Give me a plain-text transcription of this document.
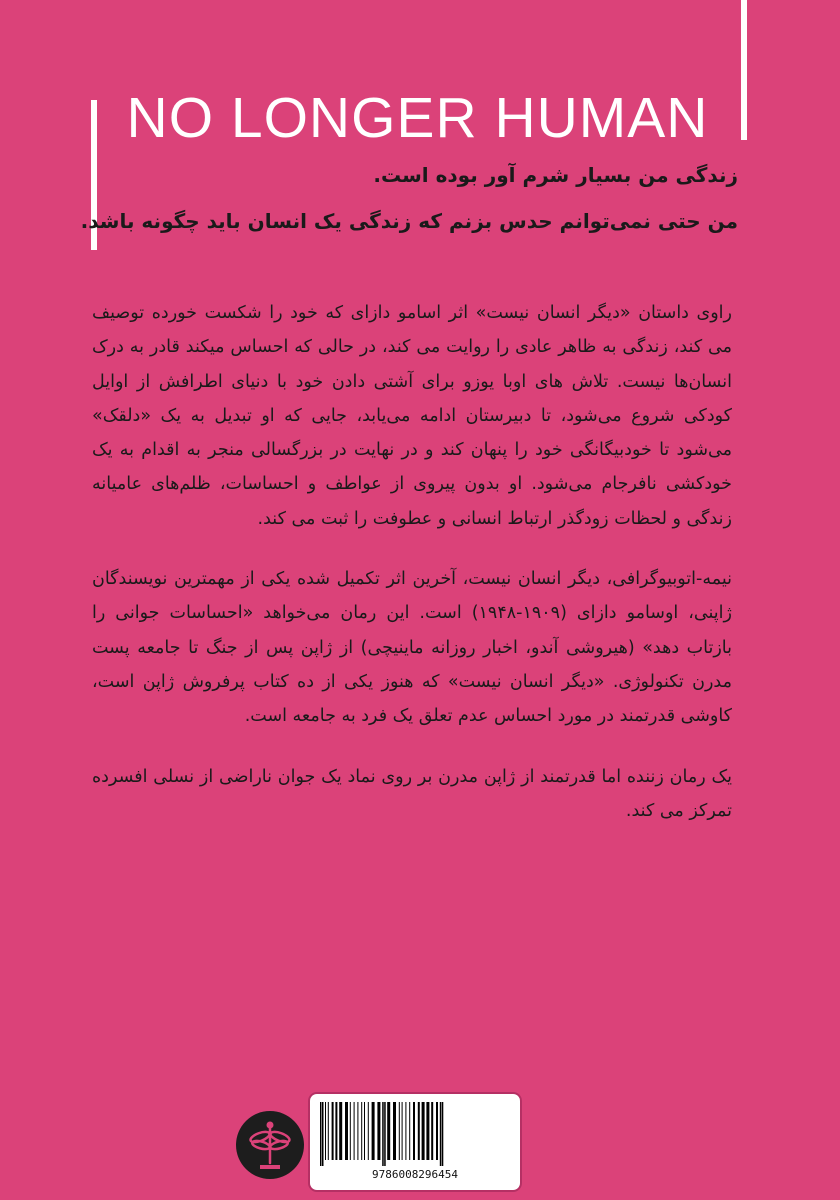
NO LONGER HUMAN
زندگی من بسیار شرم آور بوده است.
من حتی نمی‌توانم حدس بزنم که زندگی یک انسان باید چگونه باشد.

راوی داستان «دیگر انسان نیست» اثر اسامو دازای که خود را شکست خورده توصیف می کند، زندگی به ظاهر عادی را روایت می کند، در حالی که احساس میکند قادر به درک انسان‌ها نیست. تلاش های اوبا یوزو برای آشتی دادن خود با دنیای اطرافش از اوایل کودکی شروع می‌شود، تا دبیرستان ادامه می‌یابد، جایی که او تبدیل به یک «دلقک» می‌شود تا خودبیگانگی خود را پنهان کند و در نهایت در بزرگسالی منجر به اقدام به یک خودکشی نافرجام می‌شود. او بدون پیروی از عواطف و احساسات، ظلم‌های عامیانه زندگی و لحظات زودگذر ارتباط انسانی و عطوفت را ثبت می کند.

نیمه-اتوبیوگرافی، دیگر انسان نیست، آخرین اثر تکمیل شده یکی از مهمترین نویسندگان ژاپنی، اوسامو دازای (۱۹۰۹-۱۹۴۸) است. این رمان می‌خواهد «احساسات جوانی را بازتاب دهد» (هیروشی آندو، اخبار روزانه ماینیچی) از ژاپن پس از جنگ تا جامعه پست مدرن تکنولوژی. «دیگر انسان نیست» که هنوز یکی از ده کتاب پرفروش ژاپن است، کاوشی قدرتمند در مورد احساس عدم تعلق یک فرد به جامعه است.

یک رمان زننده اما قدرتمند از ژاپن مدرن بر روی نماد یک جوان ناراضی از نسلی افسرده تمرکز می کند.

9786008296454
